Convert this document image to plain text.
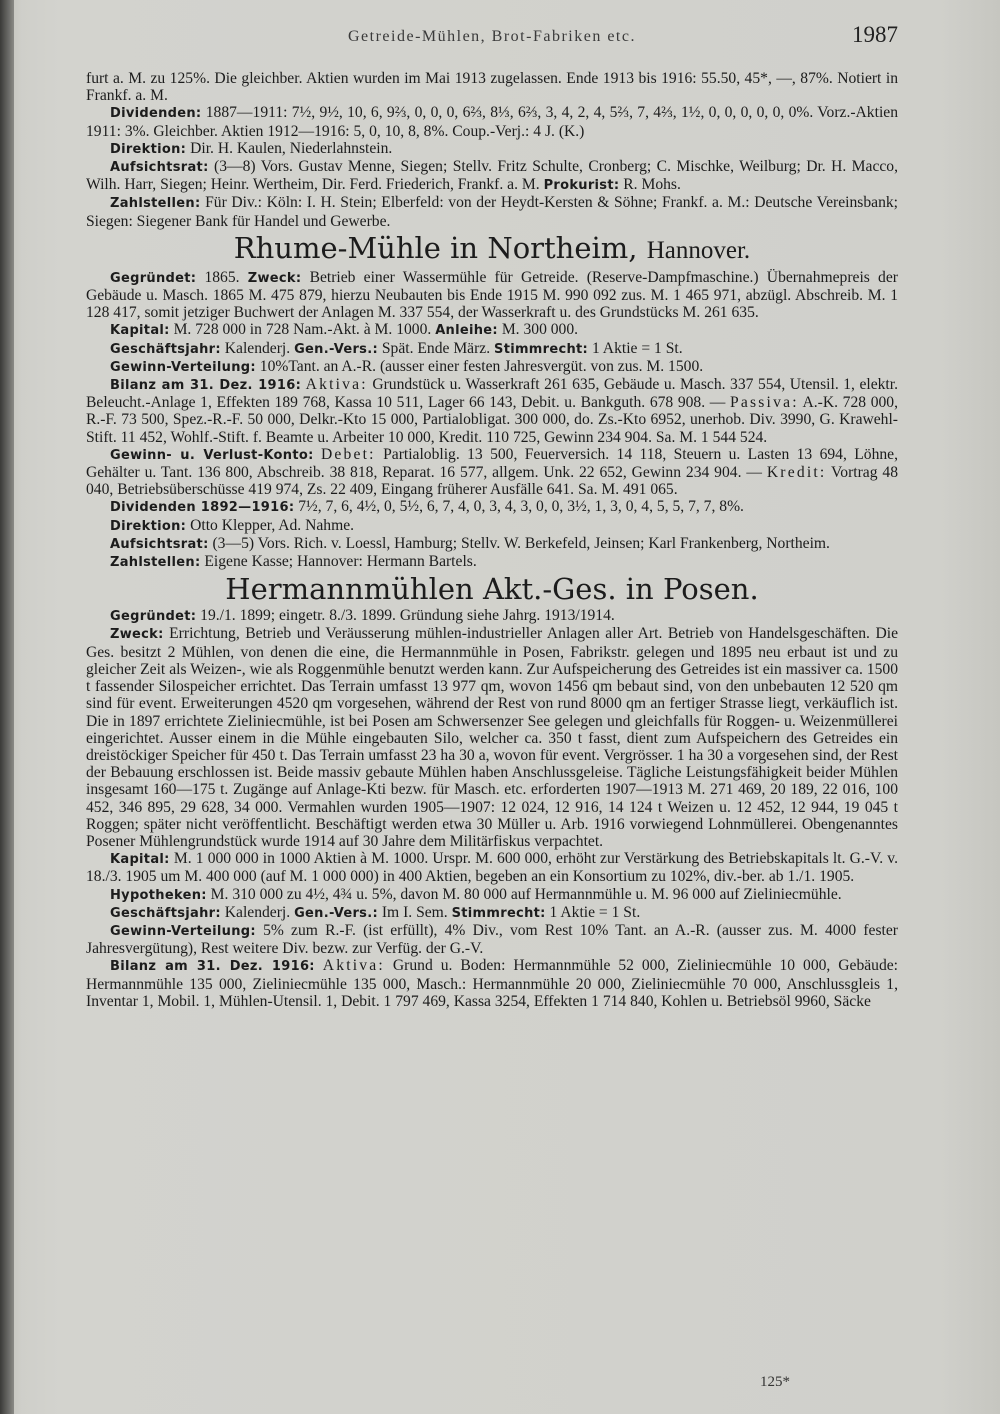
Getreide-Mühlen, Brot-Fabriken etc.	1987

furt a. M. zu 125%. Die gleichber. Aktien wurden im Mai 1913 zugelassen. Ende 1913 bis 1916: 55.50, 45*, —, 87%. Notiert in Frankf. a. M.

Dividenden: 1887—1911: 7½, 9½, 10, 6, 9⅔, 0, 0, 0, 6⅔, 8⅓, 6⅔, 3, 4, 2, 4, 5⅔, 7, 4⅔, 1½, 0, 0, 0, 0, 0, 0%. Vorz.-Aktien 1911: 3%. Gleichber. Aktien 1912—1916: 5, 0, 10, 8, 8%. Coup.-Verj.: 4 J. (K.)

Direktion: Dir. H. Kaulen, Niederlahnstein.

Aufsichtsrat: (3—8) Vors. Gustav Menne, Siegen; Stellv. Fritz Schulte, Cronberg; C. Mischke, Weilburg; Dr. H. Macco, Wilh. Harr, Siegen; Heinr. Wertheim, Dir. Ferd. Friederich, Frankf. a. M. Prokurist: R. Mohs.

Zahlstellen: Für Div.: Köln: I. H. Stein; Elberfeld: von der Heydt-Kersten & Söhne; Frankf. a. M.: Deutsche Vereinsbank; Siegen: Siegener Bank für Handel und Gewerbe.

Rhume-Mühle in Northeim, Hannover.

Gegründet: 1865. Zweck: Betrieb einer Wassermühle für Getreide. (Reserve-Dampfmaschine.) Übernahmepreis der Gebäude u. Masch. 1865 M. 475 879, hierzu Neubauten bis Ende 1915 M. 990 092 zus. M. 1 465 971, abzügl. Abschreib. M. 1 128 417, somit jetziger Buchwert der Anlagen M. 337 554, der Wasserkraft u. des Grundstücks M. 261 635.

Kapital: M. 728 000 in 728 Nam.-Akt. à M. 1000. Anleihe: M. 300 000.

Geschäftsjahr: Kalenderj. Gen.-Vers.: Spät. Ende März. Stimmrecht: 1 Aktie = 1 St.

Gewinn-Verteilung: 10%Tant. an A.-R. (ausser einer festen Jahresvergüt. von zus. M. 1500.

Bilanz am 31. Dez. 1916: Aktiva: Grundstück u. Wasserkraft 261 635, Gebäude u. Masch. 337 554, Utensil. 1, elektr. Beleucht.-Anlage 1, Effekten 189 768, Kassa 10 511, Lager 66 143, Debit. u. Bankguth. 678 908. — Passiva: A.-K. 728 000, R.-F. 73 500, Spez.-R.-F. 50 000, Delkr.-Kto 15 000, Partialobligat. 300 000, do. Zs.-Kto 6952, unerhob. Div. 3990, G. Krawehl-Stift. 11 452, Wohlf.-Stift. f. Beamte u. Arbeiter 10 000, Kredit. 110 725, Gewinn 234 904. Sa. M. 1 544 524.

Gewinn- u. Verlust-Konto: Debet: Partialoblig. 13 500, Feuerversich. 14 118, Steuern u. Lasten 13 694, Löhne, Gehälter u. Tant. 136 800, Abschreib. 38 818, Reparat. 16 577, allgem. Unk. 22 652, Gewinn 234 904. — Kredit: Vortrag 48 040, Betriebsüberschüsse 419 974, Zs. 22 409, Eingang früherer Ausfälle 641. Sa. M. 491 065.

Dividenden 1892—1916: 7½, 7, 6, 4½, 0, 5½, 6, 7, 4, 0, 3, 4, 3, 0, 0, 3½, 1, 3, 0, 4, 5, 5, 7, 7, 8%.

Direktion: Otto Klepper, Ad. Nahme.

Aufsichtsrat: (3—5) Vors. Rich. v. Loessl, Hamburg; Stellv. W. Berkefeld, Jeinsen; Karl Frankenberg, Northeim.

Zahlstellen: Eigene Kasse; Hannover: Hermann Bartels.

Hermannmühlen Akt.-Ges. in Posen.

Gegründet: 19./1. 1899; eingetr. 8./3. 1899. Gründung siehe Jahrg. 1913/1914.

Zweck: Errichtung, Betrieb und Veräusserung mühlen-industrieller Anlagen aller Art. Betrieb von Handelsgeschäften. Die Ges. besitzt 2 Mühlen, von denen die eine, die Hermannmühle in Posen, Fabrikstr. gelegen und 1895 neu erbaut ist und zu gleicher Zeit als Weizen-, wie als Roggenmühle benutzt werden kann. Zur Aufspeicherung des Getreides ist ein massiver ca. 1500 t fassender Silospeicher errichtet. Das Terrain umfasst 13 977 qm, wovon 1456 qm bebaut sind, von den unbebauten 12 520 qm sind für event. Erweiterungen 4520 qm vorgesehen, während der Rest von rund 8000 qm an fertiger Strasse liegt, verkäuflich ist. Die in 1897 errichtete Zieliniecmühle, ist bei Posen am Schwersenzer See gelegen und gleichfalls für Roggen- u. Weizenmüllerei eingerichtet. Ausser einem in die Mühle eingebauten Silo, welcher ca. 350 t fasst, dient zum Aufspeichern des Getreides ein dreistöckiger Speicher für 450 t. Das Terrain umfasst 23 ha 30 a, wovon für event. Vergrösser. 1 ha 30 a vorgesehen sind, der Rest der Bebauung erschlossen ist. Beide massiv gebaute Mühlen haben Anschlussgeleise. Tägliche Leistungsfähigkeit beider Mühlen insgesamt 160—175 t. Zugänge auf Anlage-Kti bezw. für Masch. etc. erforderten 1907—1913 M. 271 469, 20 189, 22 016, 100 452, 346 895, 29 628, 34 000. Vermahlen wurden 1905—1907: 12 024, 12 916, 14 124 t Weizen u. 12 452, 12 944, 19 045 t Roggen; später nicht veröffentlicht. Beschäftigt werden etwa 30 Müller u. Arb. 1916 vorwiegend Lohnmüllerei. Obengenanntes Posener Mühlengrundstück wurde 1914 auf 30 Jahre dem Militärfiskus verpachtet.

Kapital: M. 1 000 000 in 1000 Aktien à M. 1000. Urspr. M. 600 000, erhöht zur Verstärkung des Betriebskapitals lt. G.-V. v. 18./3. 1905 um M. 400 000 (auf M. 1 000 000) in 400 Aktien, begeben an ein Konsortium zu 102%, div.-ber. ab 1./1. 1905.

Hypotheken: M. 310 000 zu 4½, 4¾ u. 5%, davon M. 80 000 auf Hermannmühle u. M. 96 000 auf Zieliniecmühle.

Geschäftsjahr: Kalenderj. Gen.-Vers.: Im I. Sem. Stimmrecht: 1 Aktie = 1 St.

Gewinn-Verteilung: 5% zum R.-F. (ist erfüllt), 4% Div., vom Rest 10% Tant. an A.-R. (ausser zus. M. 4000 fester Jahresvergütung), Rest weitere Div. bezw. zur Verfüg. der G.-V.

Bilanz am 31. Dez. 1916: Aktiva: Grund u. Boden: Hermannmühle 52 000, Zieliniecmühle 10 000, Gebäude: Hermannmühle 135 000, Zieliniecmühle 135 000, Masch.: Hermannmühle 20 000, Zieliniecmühle 70 000, Anschlussgleis 1, Inventar 1, Mobil. 1, Mühlen-Utensil. 1, Debit. 1 797 469, Kassa 3254, Effekten 1 714 840, Kohlen u. Betriebsöl 9960, Säcke

125*
